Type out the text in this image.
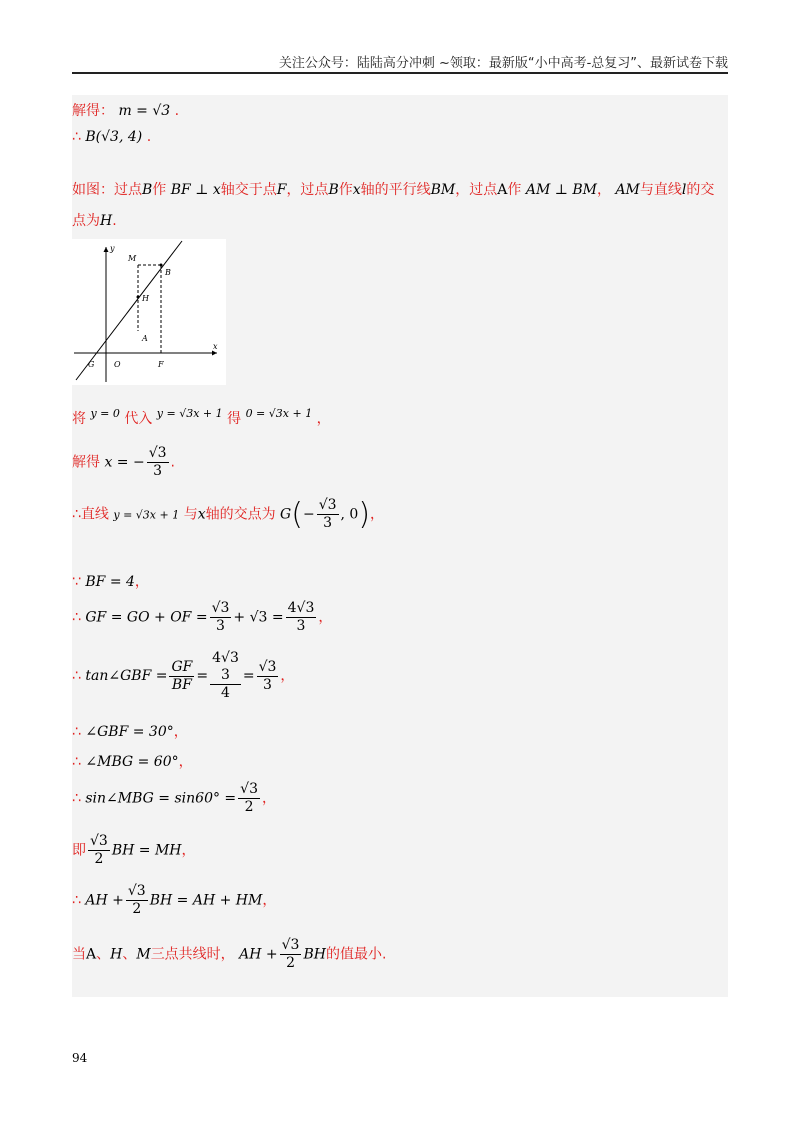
关注公众号：陆陆高分冲刺 ~领取：最新版“小中高考-总复习”、最新试卷下载
解得： m = √3 .
∴ B(√3, 4) .
如图：过点B作 BF ⊥ x轴交于点F，过点B作x轴的平行线BM，过点A作 AM ⊥ BM， AM与直线l的交
点为H.
y
x
M
B
H
A
G O	F
将 $^{y = 0}$ 代入 $^{y = √3x + 1}$ 得 $^{0 = √3x + 1}$ ，
解得 x = − $\frac{√3}{3}$ .
∴直线 y = √3x + 1 与x轴的交点为 $G(- \frac{√3}{3}$ , 0)，
∵ BF = 4，
∴ GF = GO + OF = $\frac{√3}{3} + √3 = \frac{4√3}{3}$ ，
∴ tan∠GBF = $\frac{GF}{BF} = 4√3$
3
$4 = \frac{√3}{3}$ ，
∴ ∠GBF = 30°，
∴ ∠MBG = 60°，
∴ sin∠MBG = $\sin 60^\circ = \frac{√3}{2}$ ，
即 $\frac{√3}{2}$ BH = MH，
∴ AH + $\frac{√3}{2}$ BH = AH + HM，
当A、H、M三点共线时， AH + $\frac{√3}{2}$ BH的值最小.
94
